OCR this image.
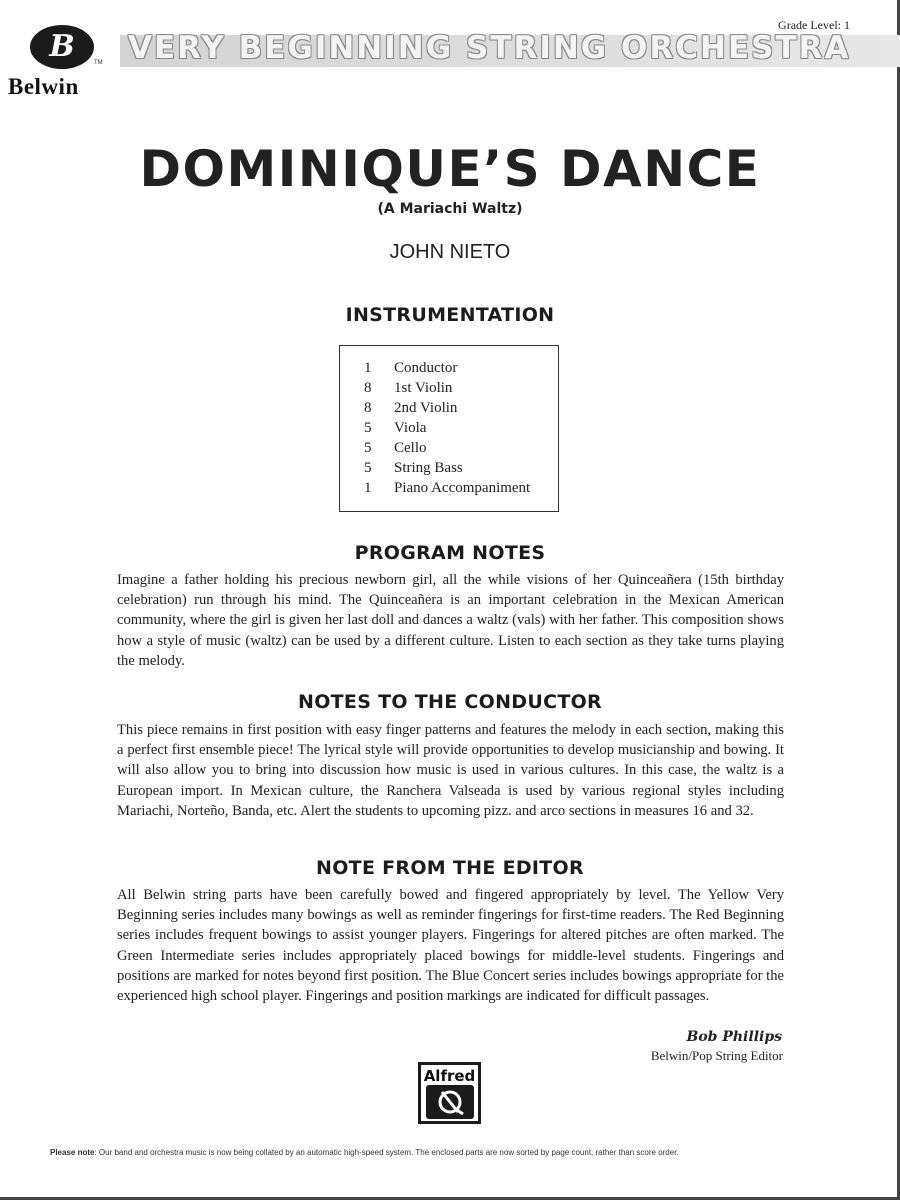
B	TM
Belwin
VERY BEGINNING STRING ORCHESTRA
Grade Level: 1
DOMINIQUE’S DANCE
(A Mariachi Waltz)
JOHN NIETO
INSTRUMENTATION
1	Conductor
8	1st Violin
8	2nd Violin
5	Viola
5	Cello
5	String Bass
1	Piano Accompaniment
PROGRAM NOTES

Imagine a father holding his precious newborn girl, all the while visions of her Quinceañera (15th birthday celebration) run through his mind. The Quinceañera is an important celebration in the Mexican American community, where the girl is given her last doll and dances a waltz (vals) with her father. This composition shows how a style of music (waltz) can be used by a different culture. Listen to each section as they take turns playing the melody.

NOTES TO THE CONDUCTOR

This piece remains in first position with easy finger patterns and features the melody in each section, making this a perfect first ensemble piece! The lyrical style will provide opportunities to develop musicianship and bowing. It will also allow you to bring into discussion how music is used in various cultures. In this case, the waltz is a European import. In Mexican culture, the Ranchera Valseada is used by various regional styles including Mariachi, Norteño, Banda, etc. Alert the students to upcoming pizz. and arco sections in measures 16 and 32.

NOTE FROM THE EDITOR

All Belwin string parts have been carefully bowed and fingered appropriately by level. The Yellow Very Beginning series includes many bowings as well as reminder fingerings for first-time readers. The Red Beginning series includes frequent bowings to assist younger players. Fingerings for altered pitches are often marked. The Green Intermediate series includes appropriately placed bowings for middle-level students. Fingerings and positions are marked for notes beyond first position. The Blue Concert series includes bowings appropriate for the experienced high school player. Fingerings and position markings are indicated for difficult passages.

Bob Phillips
Belwin/Pop String Editor
Alfred
Please note: Our band and orchestra music is now being collated by an automatic high-speed system. The enclosed parts are now sorted by page count, rather than score order.
